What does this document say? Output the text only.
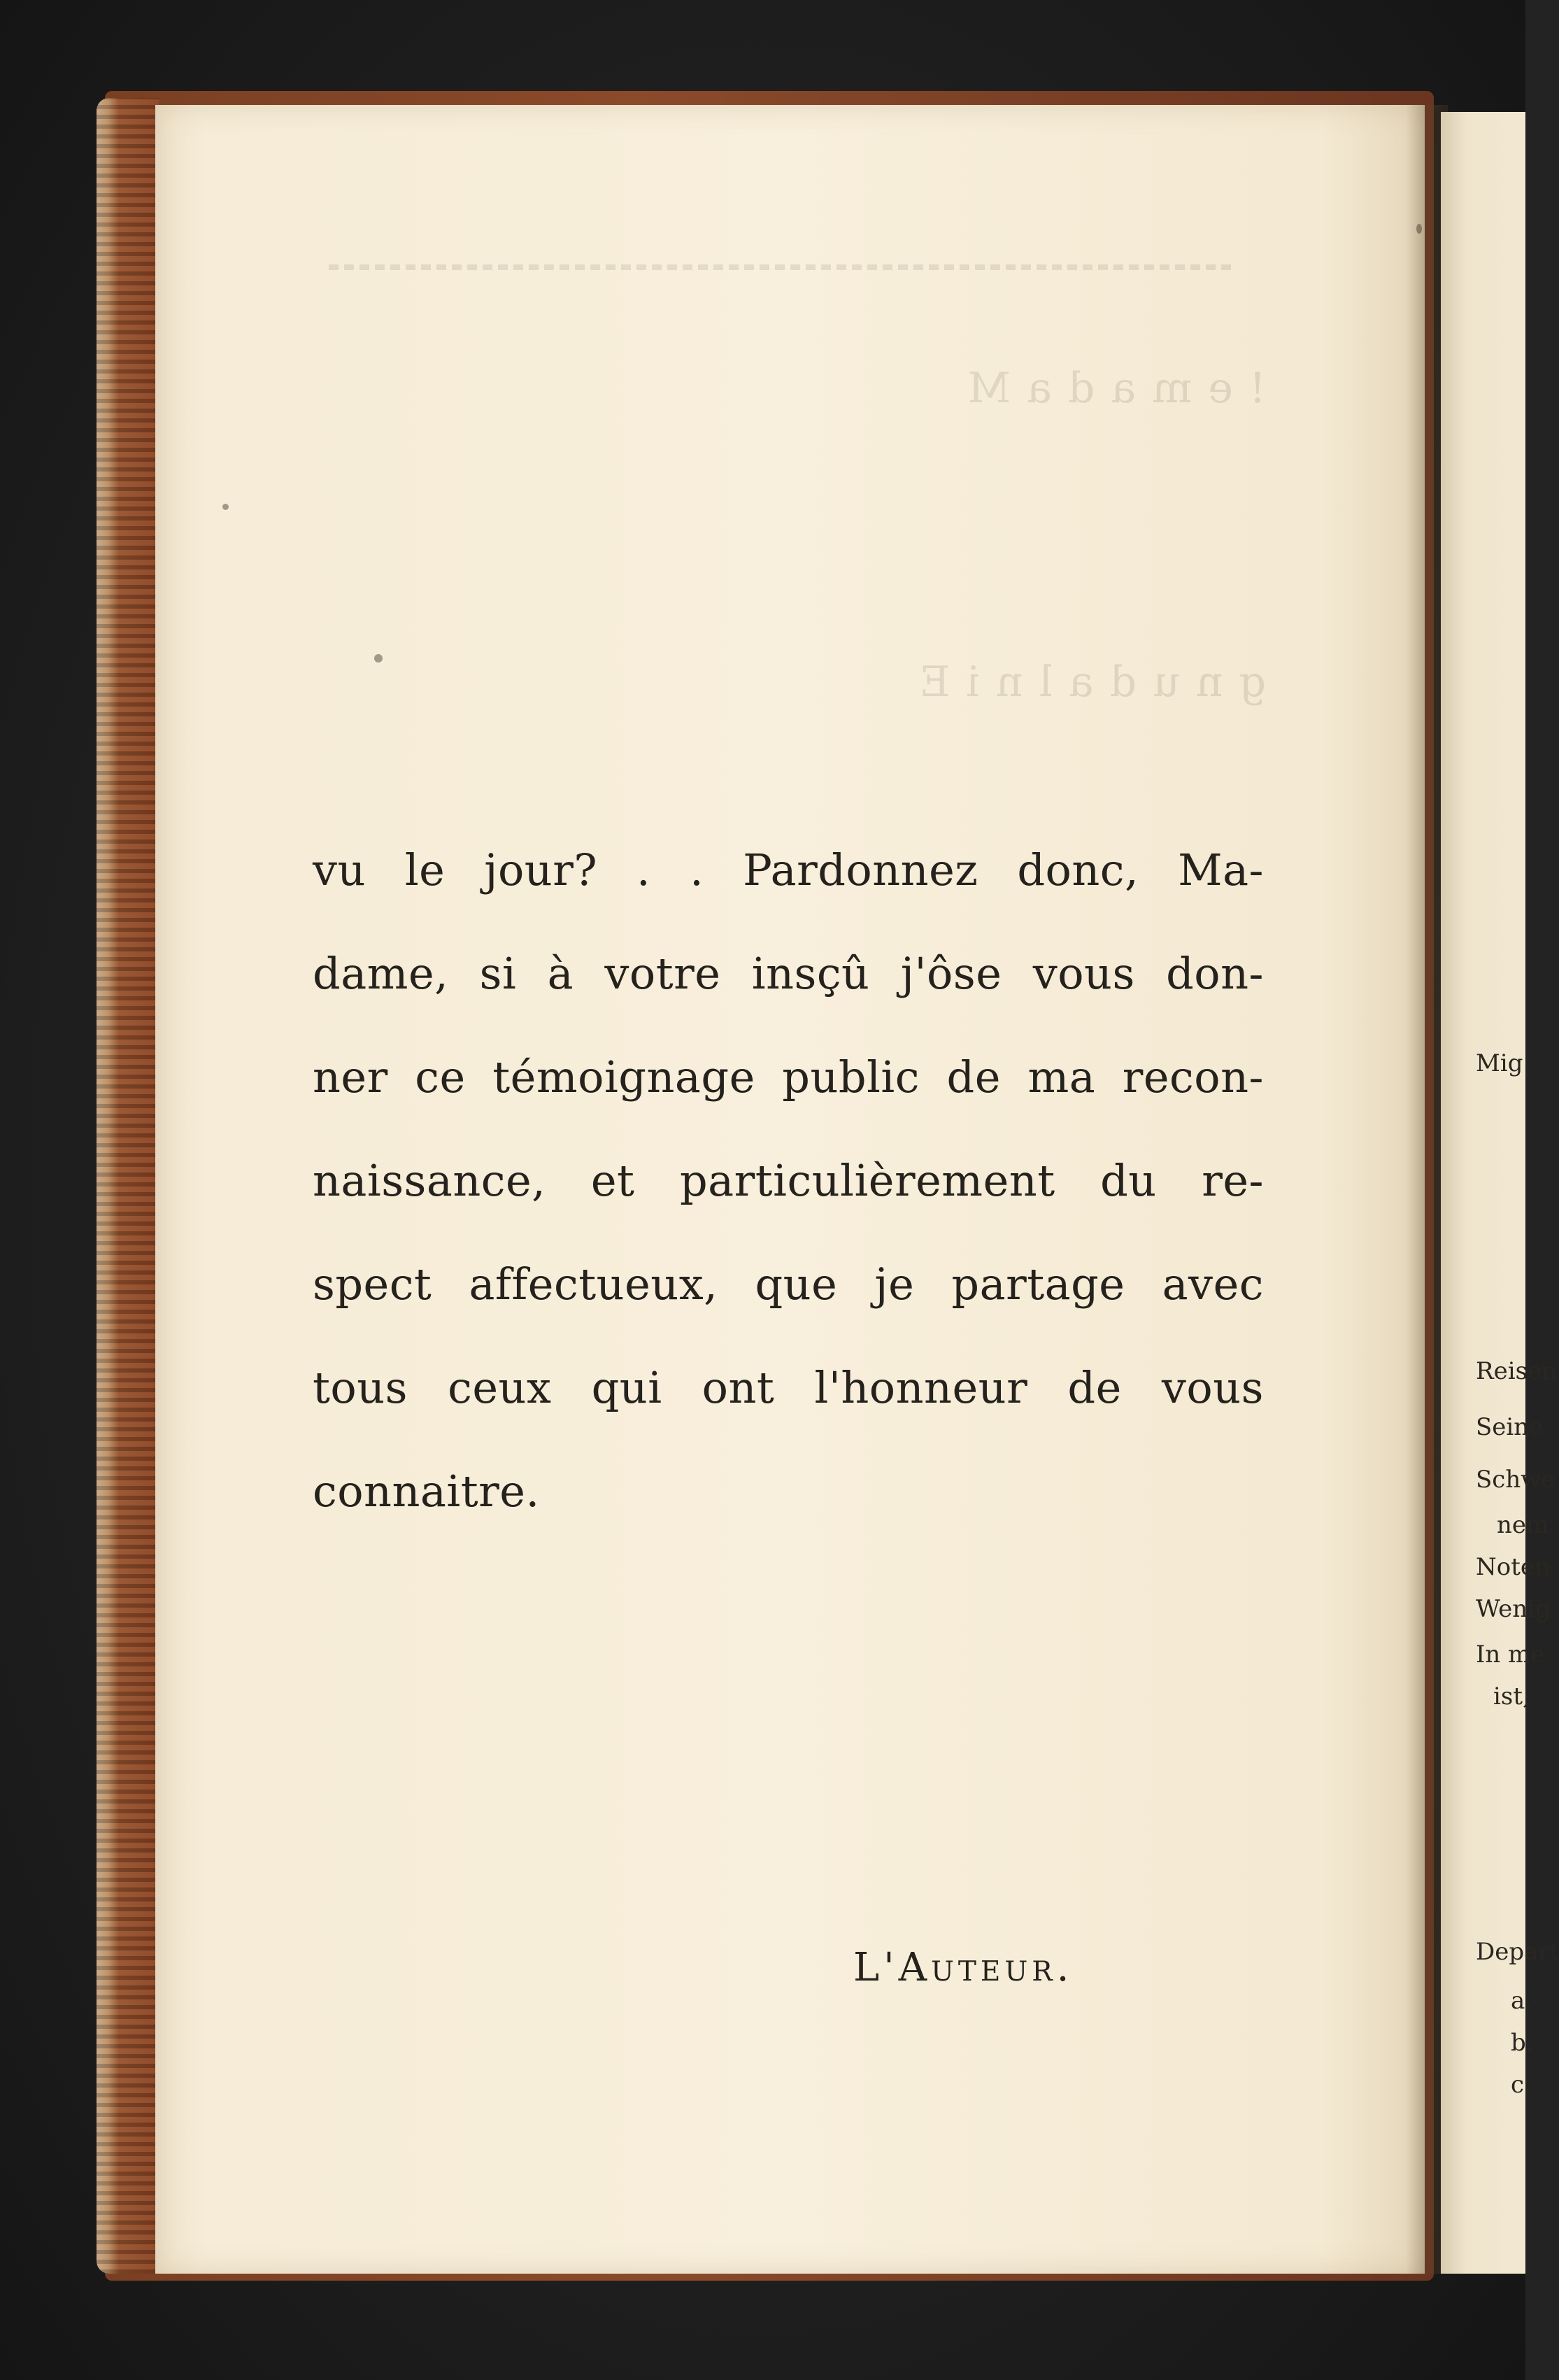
! e m a d a M
g n u d a l n i E
Mig
Reisen
Seine
Schwe
nem
Noten
Wenig
In me
ist,
Depart
a.
b.
c.
vu le jour? . . Pardonnez donc, Ma-
dame, si à votre insçû j'ôse vous don-
ner ce témoignage public de ma recon-
naissance, et particulièrement du re-
spect affectueux, que je partage avec
tous ceux qui ont l'honneur de vous
connaitre.
L'Auteur.
